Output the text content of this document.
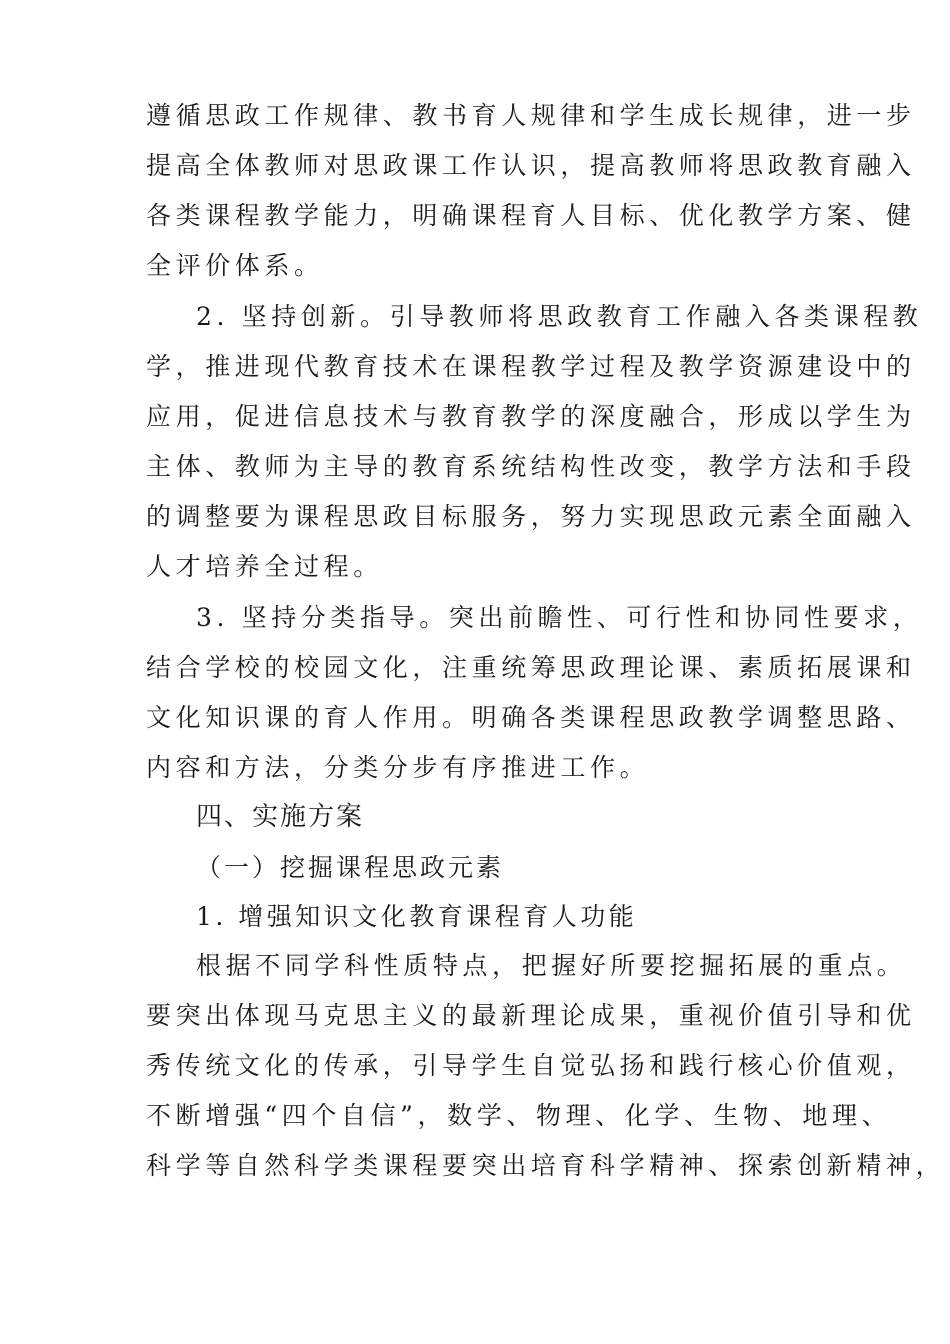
遵循思政工作规律、教书育人规律和学生成长规律，进一步
提高全体教师对思政课工作认识，提高教师将思政教育融入
各类课程教学能力，明确课程育人目标、优化教学方案、健
全评价体系。
2. 坚持创新。引导教师将思政教育工作融入各类课程教
学，推进现代教育技术在课程教学过程及教学资源建设中的
应用，促进信息技术与教育教学的深度融合，形成以学生为
主体、教师为主导的教育系统结构性改变，教学方法和手段
的调整要为课程思政目标服务，努力实现思政元素全面融入
人才培养全过程。
3. 坚持分类指导。突出前瞻性、可行性和协同性要求，
结合学校的校园文化，注重统筹思政理论课、素质拓展课和
文化知识课的育人作用。明确各类课程思政教学调整思路、
内容和方法，分类分步有序推进工作。
四、实施方案
（一）挖掘课程思政元素
1. 增强知识文化教育课程育人功能
根据不同学科性质特点，把握好所要挖掘拓展的重点。
要突出体现马克思主义的最新理论成果，重视价值引导和优
秀传统文化的传承，引导学生自觉弘扬和践行核心价值观，
不断增强“四个自信”，数学、物理、化学、生物、地理、
科学等自然科学类课程要突出培育科学精神、探索创新精神，
